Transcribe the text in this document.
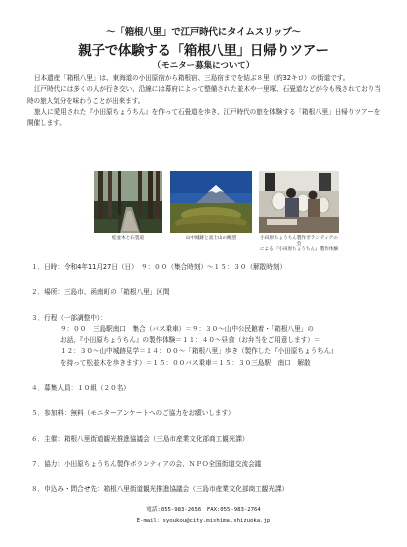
～「箱根八里」で江戸時代にタイムスリップ～
親子で体験する「箱根八里」日帰りツアー
（モニター募集について）

日本遺産「箱根八里」は、東海道の小田原宿から箱根宿、三島宿までを結ぶ８里（約32キロ）の街道です。

江戸時代には多くの人が行き交い、沿線には幕府によって整備された並木や一里塚、石畳道などが今も残されており当時の旅人気分を味わうことが出来ます。

旅人に愛用された『小田原ちょうちん』を作って石畳道を歩き、江戸時代の旅を体験する「箱根八里」日帰りツアーを開催します。

松並木と石畳道	山中城跡と富士山の眺望	小田原ちょうちん製作ボランティアの会
による『小田原ちょうちん』製作体験
１．日時：令和4年11月27日（日）　９：００（集合時刻）～１５：３０（解散時刻）
２．場所：三島市、函南町の「箱根八里」区間
３．行程（一部調整中）：
９：００　三島駅南口　集合（バス乗車）＝９：３０～山中公民館着・「箱根八里」の
お話、『小田原ちょうちん』の製作体験＝１１：４０～昼食（お弁当をご用意します）＝
１２：３０～山中城跡見学＝１４：００～「箱根八里」歩き（製作した『小田原ちょうちん』
を持って松並木を歩きます）＝１５：００バス乗車＝１５：３０三島駅　南口　解散
４．募集人員：１０組（２０名）
５．参加料：無料（モニターアンケートへのご協力をお願いします）
６．主催：箱根八里街道観光推進協議会（三島市産業文化部商工観光課）
７．協力：小田原ちょうちん製作ボランティアの会、ＮＰＯ全国街道交流会議
８．申込み・問合せ先：箱根八里街道観光推進協議会（三島市産業文化部商工観光課）
電話:055-983-2656　FAX:055-983-2764
E-mail：syoukou@city.mishima.shizuoka.jp
